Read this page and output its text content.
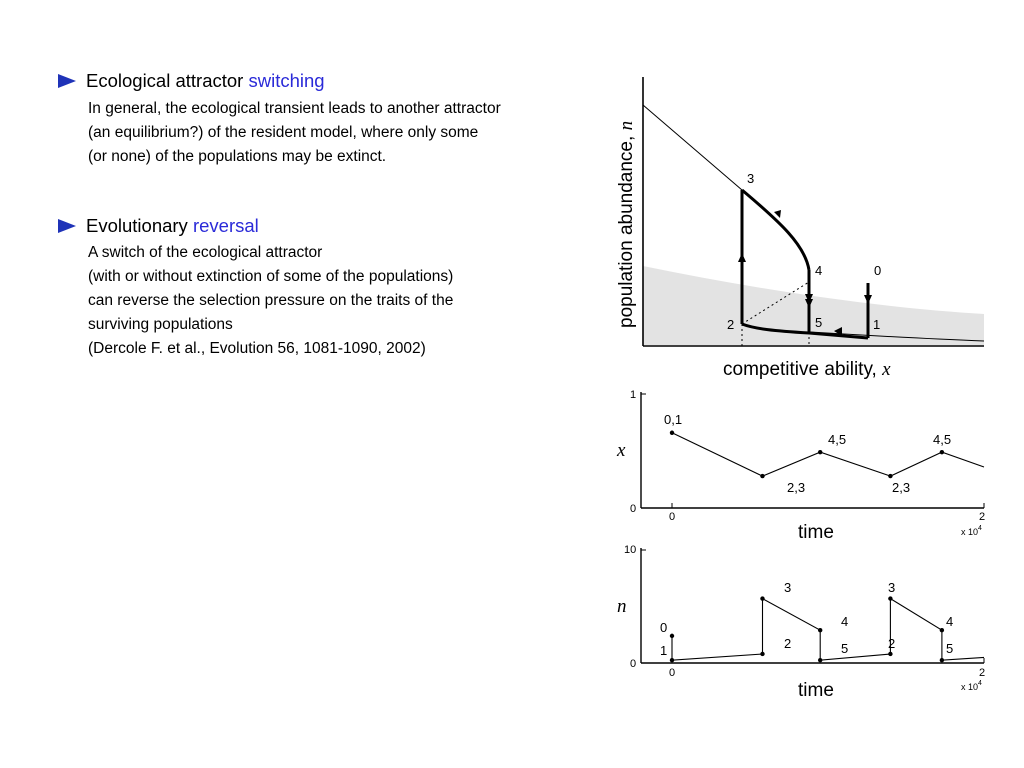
Ecological attractor switching
In general, the ecological transient leads to another attractor
(an equilibrium?) of the resident model, where only some
(or none) of the populations may be extinct.
Evolutionary reversal
A switch of the ecological attractor
(with or without extinction of some of the populations)
can reverse the selection pressure on the traits of the
surviving populations
(Dercole F. et al., Evolution 56, 1081-1090, 2002)
0
1
2
3
4
5
competitive ability, x
population abundance, n
0
1
0	2
x $10^4$
time
x
0,1
2,3
4,5
2,3
4,5
0
10
0	2
x $10^4$
time
n
0
1	2
3
4
5	2
3
4
5
